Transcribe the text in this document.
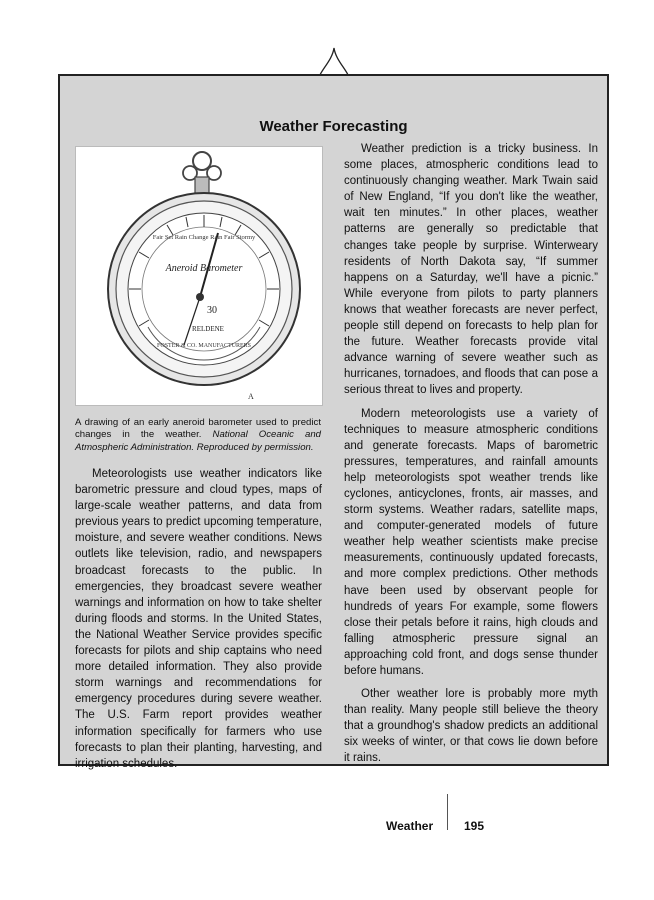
Weather Forecasting
Fair Set Rain Change Rain Fair Stormy
Aneroid Barometer
30
RELDENE
FOSTER & CO. MANUFACTURERS
A
A drawing of an early aneroid barometer used to predict changes in the weather. National Oceanic and Atmospheric Administration. Reproduced by permission.

Meteorologists use weather indicators like barometric pressure and cloud types, maps of large-scale weather patterns, and data from previous years to predict upcoming temperature, moisture, and severe weather conditions. News outlets like television, radio, and newspapers broadcast forecasts to the public. In emergencies, they broadcast severe weather warnings and information on how to take shelter during floods and storms. In the United States, the National Weather Service provides specific forecasts for pilots and ship captains who need more detailed information. They also provide storm warnings and recommendations for emergency procedures during severe weather. The U.S. Farm report provides weather information specifically for farmers who use forecasts to plan their planting, harvesting, and irrigation schedules.

Weather prediction is a tricky business. In some places, atmospheric conditions lead to continuously changing weather. Mark Twain said of New England, “If you don't like the weather, wait ten minutes.” In other places, weather patterns are generally so predictable that changes take people by surprise. Winterweary residents of North Dakota say, “If summer happens on a Saturday, we'll have a picnic.” While everyone from pilots to party planners knows that weather forecasts are never perfect, people still depend on forecasts to help plan for the future. Weather forecasts provide vital advance warning of severe weather such as hurricanes, tornadoes, and floods that can pose a serious threat to lives and property.

Modern meteorologists use a variety of techniques to measure atmospheric conditions and generate forecasts. Maps of barometric pressures, temperatures, and rainfall amounts help meteorologists spot weather trends like cyclones, anticyclones, fronts, air masses, and storm systems. Weather radars, satellite maps, and computer-generated models of future weather help weather scientists make precise measurements, continuously updated forecasts, and more complex predictions. Other methods have been used by observant people for hundreds of years For example, some flowers close their petals before it rains, high clouds and falling atmospheric pressure signal an approaching cold front, and dogs sense thunder before humans.

Other weather lore is probably more myth than reality. Many people still believe the theory that a groundhog's shadow predicts an additional six weeks of winter, or that cows lie down before it rains.

Weather	195
